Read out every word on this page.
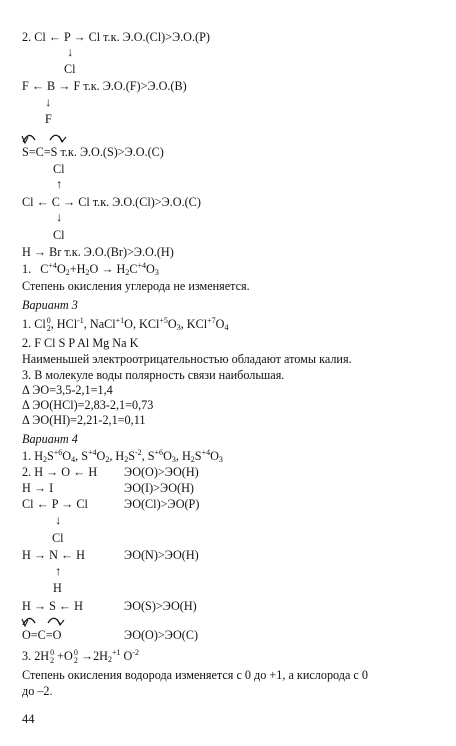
2. Cl ← P → Cl т.к. Э.О.(Cl)>Э.О.(P)
↓
Cl
F ← B → F т.к. Э.О.(F)>Э.О.(B)
↓
F
S=C=S т.к. Э.О.(S)>Э.О.(C)
Cl
↑
Cl ← C → Cl т.к. Э.О.(Cl)>Э.О.(C)
↓
Cl
H → Br т.к. Э.О.(Br)>Э.О.(H)
1. $C^{+4}O_2+H_2O \to H_2C^{+4}O_3$
Степень окисления углерода не изменяется.
Вариант 3
1. Cl 0
2 , HCl$^{-1}$, NaCl$^{+1}$O, $KCl^{+5}O_3$, $KCl^{+7}O_4$
2. F Cl S P Al Mg Na K
Наименьшей электроотрицательностью обладают атомы калия.
3. В молекуле воды полярность связи наибольшая.
Δ ЭО=3,5-2,1=1,4
Δ ЭО(HCl)=2,83-2,1=0,73
Δ ЭО(HI)=2,21-2,1=0,11
Вариант 4
1. $H_2S^{+6}O_4$, $S^{+4}O_2$, $H_2S^{-2}$, $S^{+6}O_3$, $H_2S^{+4}O_3$
2. H → O ← H ЭО(O)>ЭО(H)
H → I	ЭО(I)>ЭО(H)
Cl ← P → Cl	ЭО(Cl)>ЭО(P)
↓
Cl
H → N ← H	ЭО(N)>ЭО(H)
↑
H
H → S ← H	ЭО(S)>ЭО(H)
O=C=O	ЭО(O)>ЭО(C)
3. 2H 0
2 +O 0
$2 \to 2H_2^{+1}$ $O^{-2}$
Степень окисления водорода изменяется с 0 до +1, а кислорода с 0
до –2.
44
